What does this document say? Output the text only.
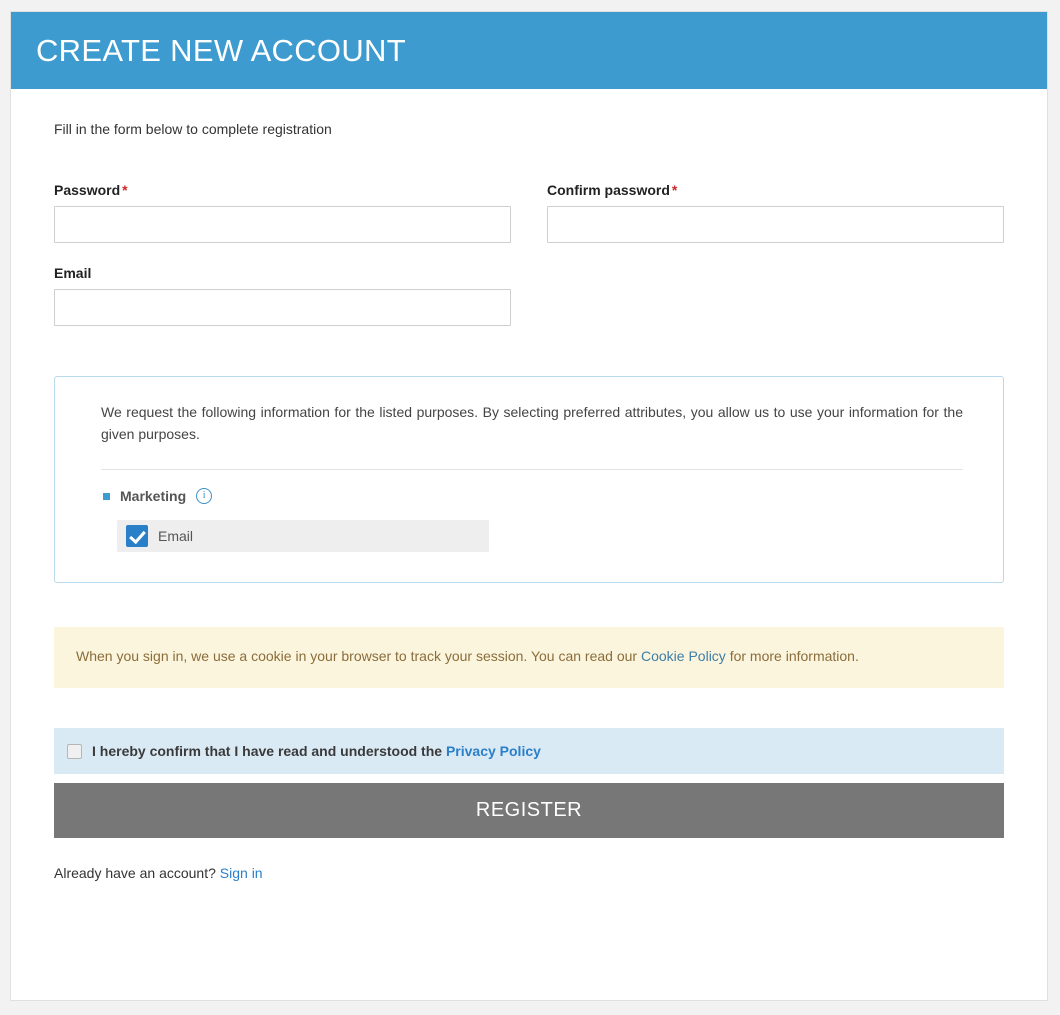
CREATE NEW ACCOUNT

Fill in the form below to complete registration

Password *	Confirm password *
Email

We request the following information for the listed purposes. By selecting preferred attributes, you allow us to use your information for the given purposes.

Marketing	i
Email
When you sign in, we use a cookie in your browser to track your session. You can read our Cookie Policy for more information.
I hereby confirm that I have read and understood the Privacy Policy
REGISTER
Already have an account? Sign in
